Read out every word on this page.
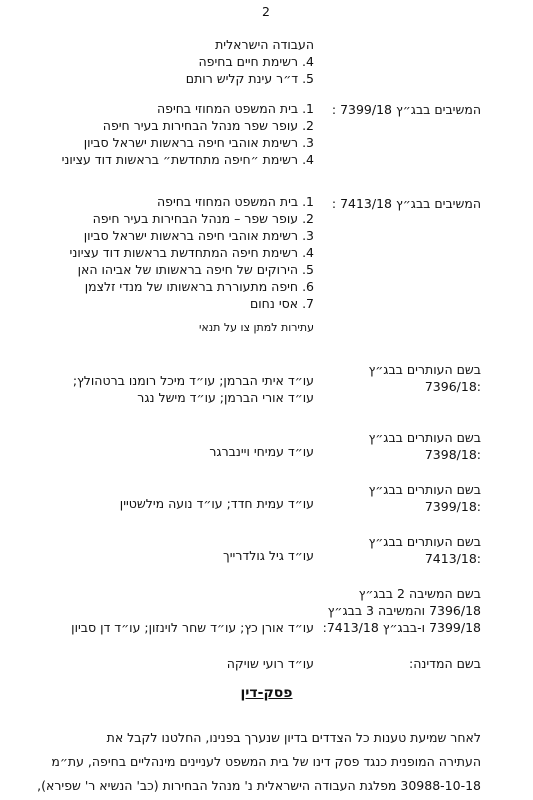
2
העבודה הישראלית
4. רשימת חיים בחיפה
5. ד״ר עינת קליש רותם
המשיבים בבג״ץ 7399/18 :
1. בית המשפט המחוזי בחיפה
2. עופר שפר מנהל הבחירות בעיר חיפה
3. רשימת אוהבי חיפה בראשות ישראל סביון
4. רשימת ״חיפה מתחדשת״ בראשות דוד עציוני
המשיבים בבג״ץ 7413/18 :
1. בית המשפט המחוזי בחיפה
2. עופר שפר – מנהל הבחירות בעיר חיפה
3. רשימת אוהבי חיפה בראשות ישראל סביון
4. רשימת חיפה המתחדשת בראשות דוד עציוני
5. הירוקים של חיפה בראשותו של אביהו האן
6. חיפה מתעוררת בראשותו של מנדי זלצמן
7. אסי נחום
עתירות למתן צו על תנאי
בשם העותרים בבג״ץ
7396/18:
עו״ד איתי הברמן; עו״ד מיכל רומנו ברטהולץ;
עו״ד אורי הברמן; עו״ד מישל נגר
בשם העותרים בבג״ץ
7398/18:
עו״ד עמיחי ויינברגר
בשם העותרים בבג״ץ
7399/18:
עו״ד עמית חדד; עו״ד נועה מילשטיין
בשם העותרים בבג״ץ
7413/18:
עו״ד גיל גולדרייך
בשם המשיבה 2 בבג״ץ
7396/18 והמשיבה 3 בבג״ץ
7399/18 ו-בבג״ץ 7413/18:
עו״ד אורן כץ; עו״ד שחר לוינזון; עו״ד דן סביון
בשם המדינה:
עו״ד רועי שויקה
פסק-דין
לאחר שמיעת טענות כל הצדדים בדיון שנערך בפנינו, החלטנו לקבל את
העתירה המופנית כנגד פסק דינו של בית המשפט לעניינים מינהליים בחיפה, עת״מ
30988-10-18 מפלגת העבודה הישראלית נ' מנהל הבחירות (כב' הנשיא ר' שפירא),
